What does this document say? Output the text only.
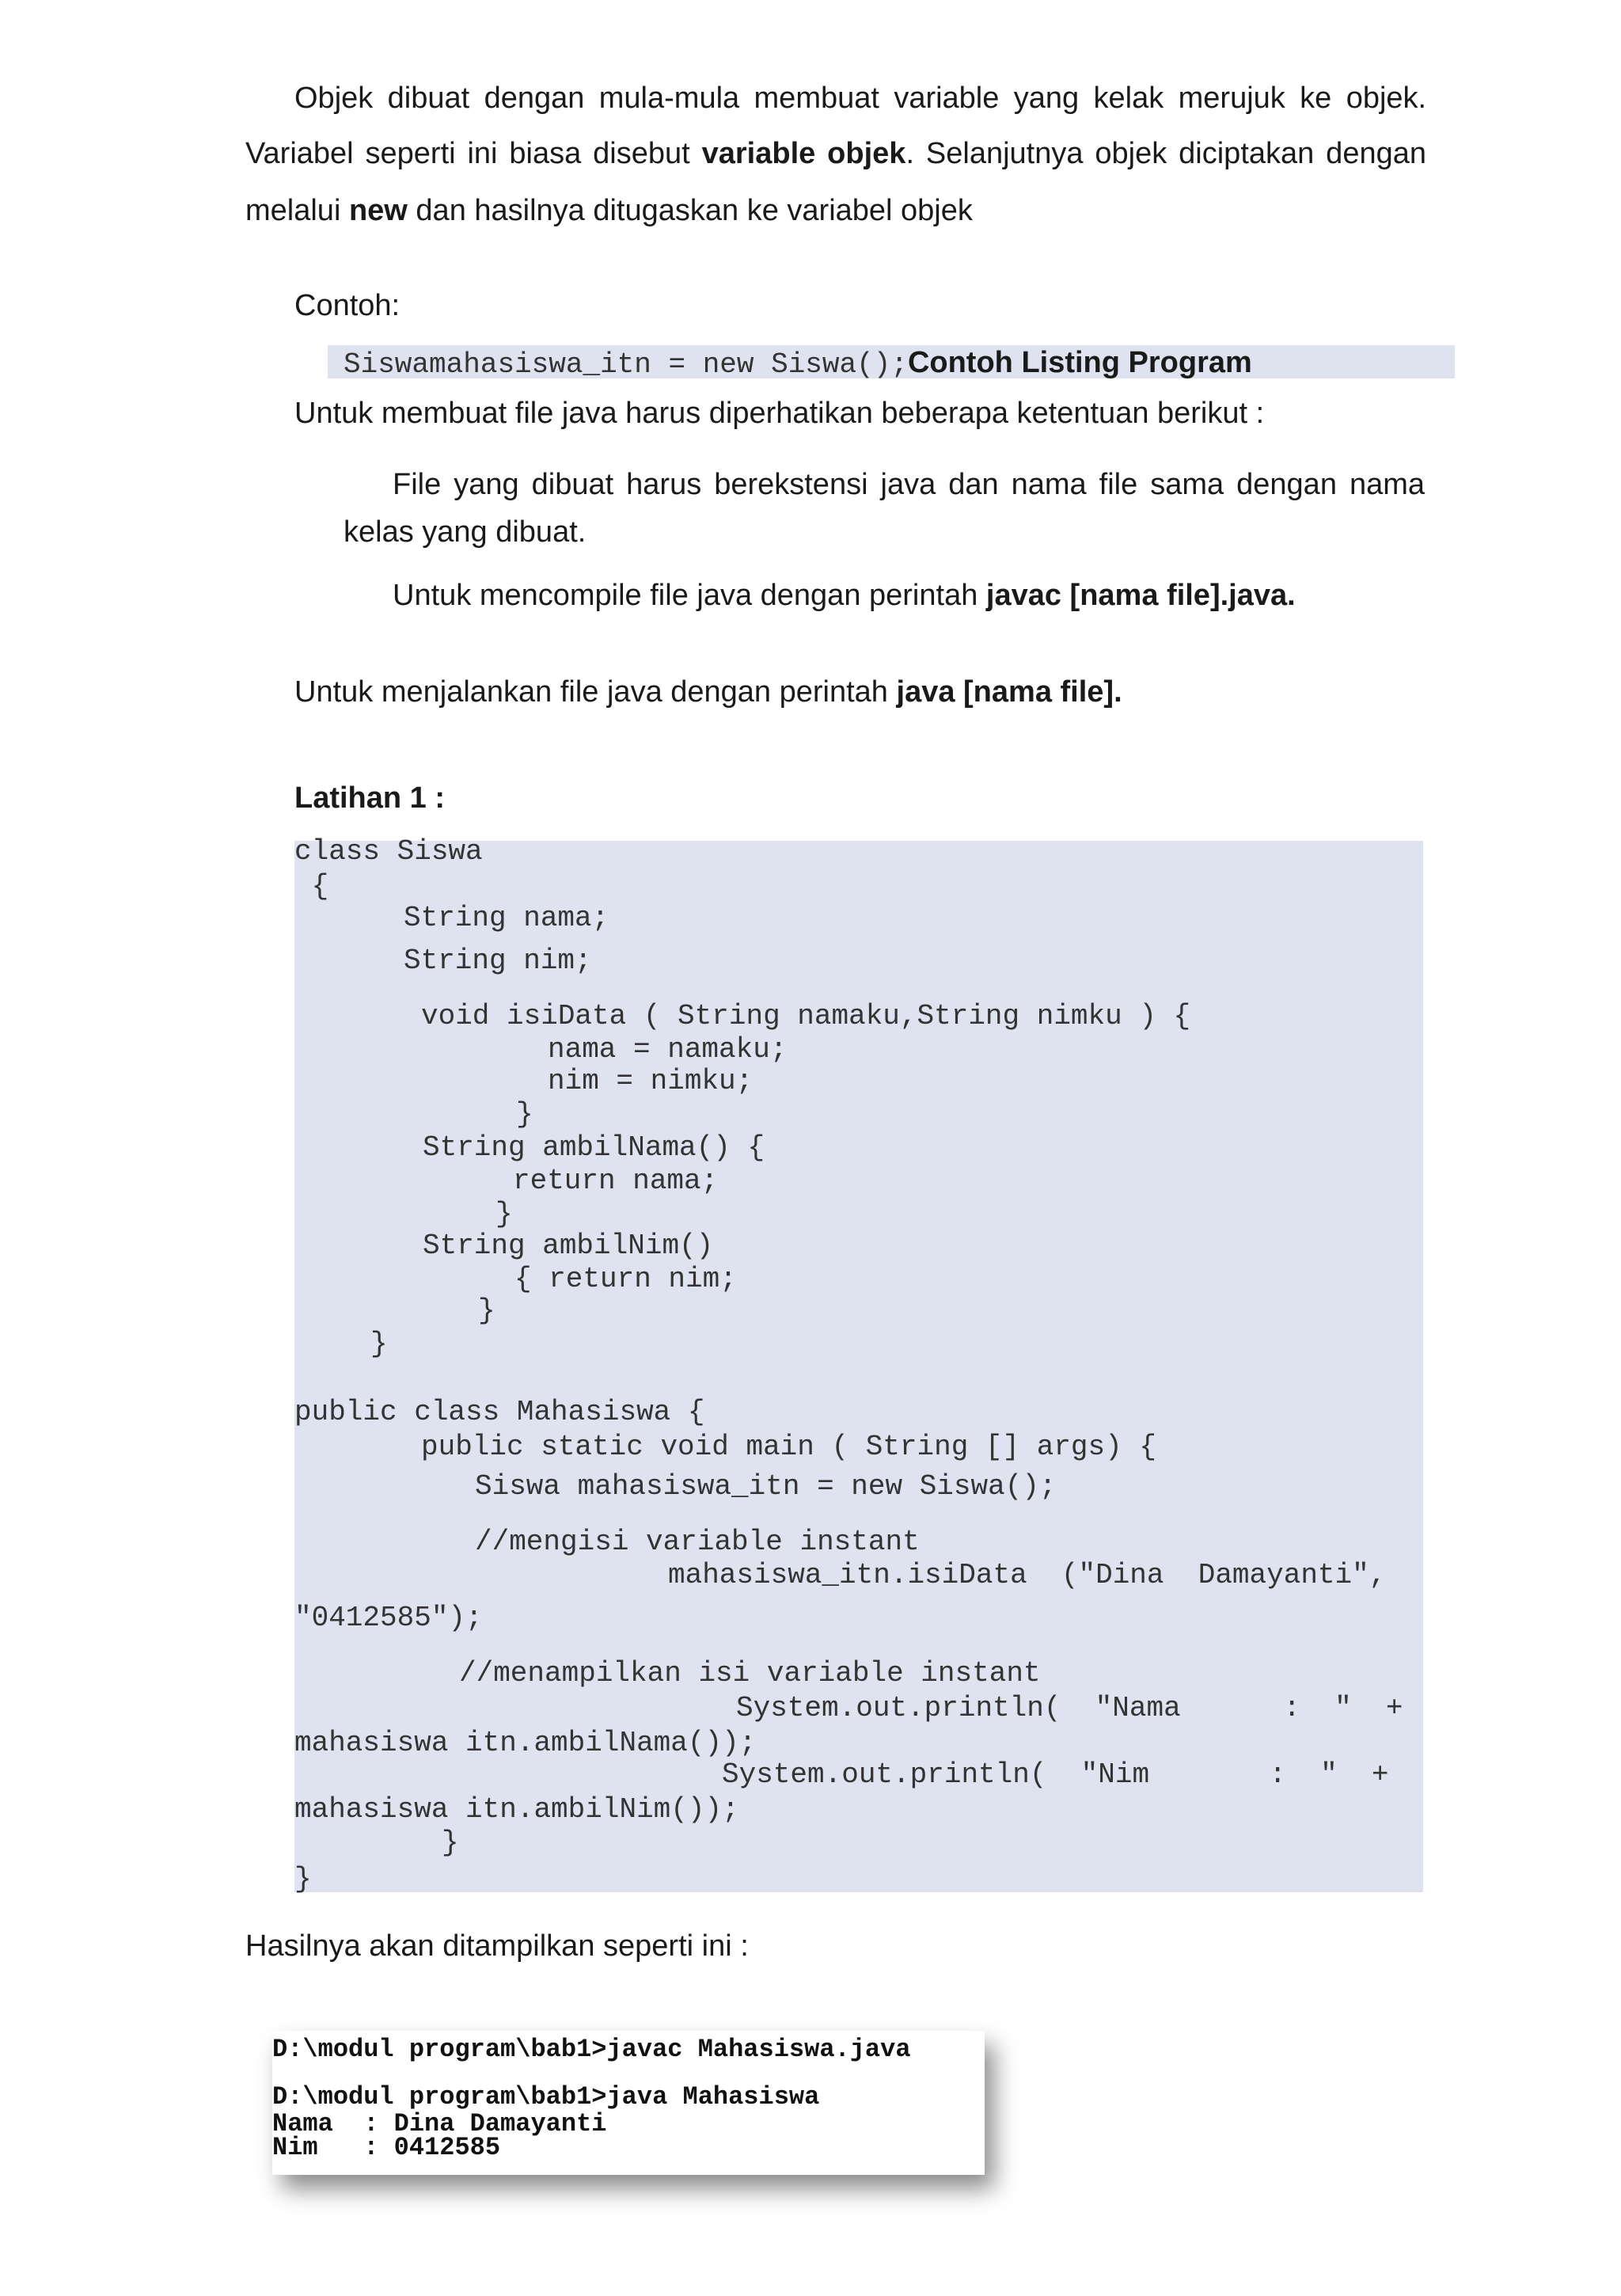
Objek dibuat dengan mula-mula membuat variable yang kelak merujuk ke objek.
Variabel seperti ini biasa disebut variable objek. Selanjutnya objek diciptakan dengan
melalui new dan hasilnya ditugaskan ke variabel objek
Contoh:
Siswamahasiswa_itn = new Siswa();Contoh Listing Program
Untuk membuat file java harus diperhatikan beberapa ketentuan berikut :
File yang dibuat harus berekstensi java dan nama file sama dengan nama
kelas yang dibuat.
Untuk mencompile file java dengan perintah javac [nama file].java.
Untuk menjalankan file java dengan perintah java [nama file].
Latihan 1 :
class Siswa
{
String nama;
String nim;
void isiData ( String namaku,String nimku ) {
nama = namaku;
nim = nimku;
}
String ambilNama() {
return nama;
}
String ambilNim()
{ return nim;
}
}
public class Mahasiswa {
public static void main ( String [] args) {
Siswa mahasiswa_itn = new Siswa();
//mengisi variable instant
mahasiswa_itn.isiData  ("Dina  Damayanti",
"0412585");
//menampilkan isi variable instant
System.out.println(  "Nama      :  "  +
mahasiswa itn.ambilNama());
System.out.println(  "Nim       :  "  +
mahasiswa itn.ambilNim());
}
}
Hasilnya akan ditampilkan seperti ini :
D:\modul program\bab1>javac Mahasiswa.java
D:\modul program\bab1>java Mahasiswa
Nama  : Dina Damayanti
Nim   : 0412585
